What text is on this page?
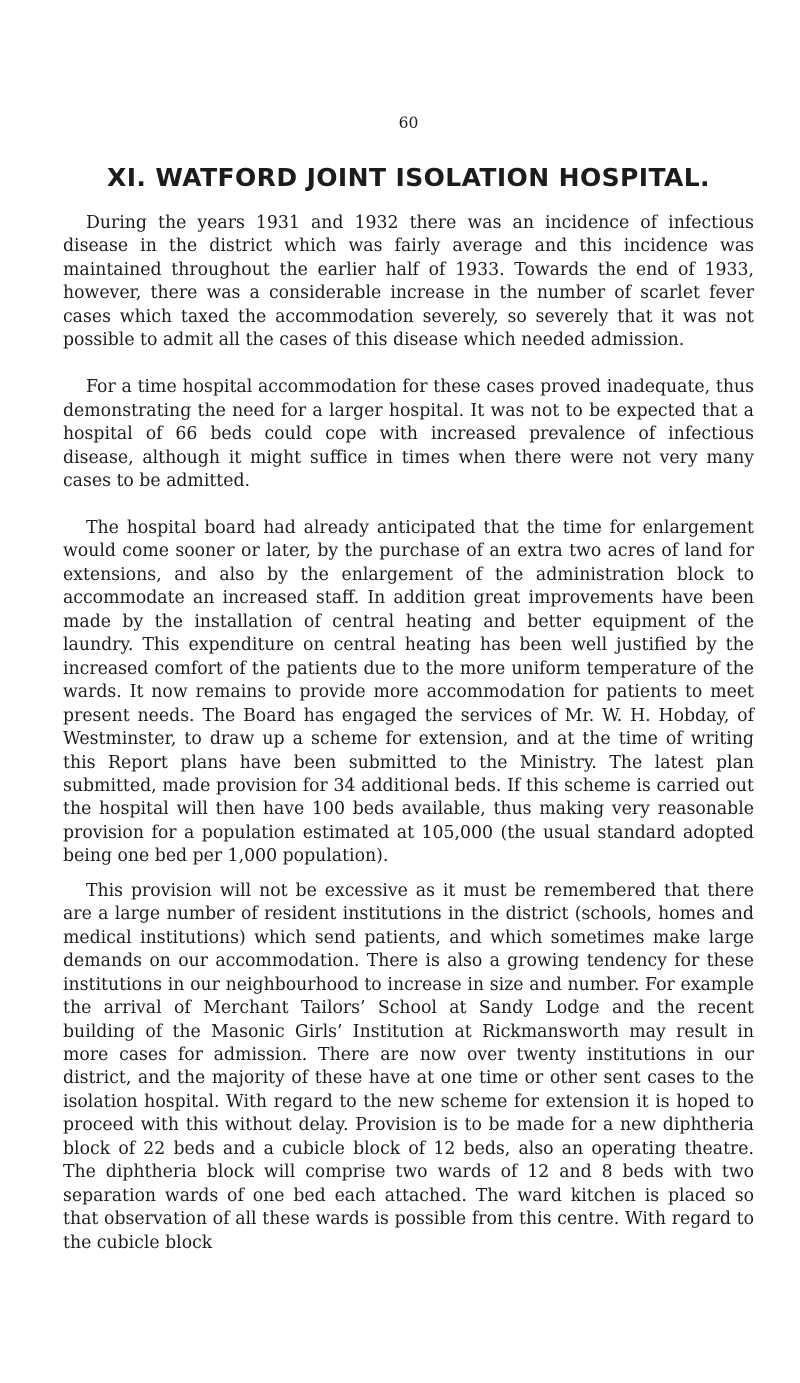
60
XI. WATFORD JOINT ISOLATION HOSPITAL.

During the years 1931 and 1932 there was an incidence of infectious disease in the district which was fairly average and this incidence was maintained throughout the earlier half of 1933. Towards the end of 1933, however, there was a considerable increase in the number of scarlet fever cases which taxed the accommodation severely, so severely that it was not possible to admit all the cases of this disease which needed admission.

For a time hospital accommodation for these cases proved inadequate, thus demonstrating the need for a larger hospital. It was not to be expected that a hospital of 66 beds could cope with increased prevalence of infectious disease, although it might suffice in times when there were not very many cases to be admitted.

The hospital board had already anticipated that the time for enlargement would come sooner or later, by the purchase of an extra two acres of land for extensions, and also by the enlargement of the administration block to accommodate an increased staff. In addition great improvements have been made by the installation of central heating and better equipment of the laundry. This expenditure on central heating has been well justified by the increased comfort of the patients due to the more uniform temperature of the wards. It now remains to provide more accommodation for patients to meet present needs. The Board has engaged the services of Mr. W. H. Hobday, of Westminster, to draw up a scheme for extension, and at the time of writing this Report plans have been submitted to the Ministry. The latest plan submitted, made provision for 34 additional beds. If this scheme is carried out the hospital will then have 100 beds available, thus making very reasonable provision for a population estimated at 105,000 (the usual standard adopted being one bed per 1,000 population).

This provision will not be excessive as it must be remembered that there are a large number of resident institutions in the district (schools, homes and medical institutions) which send patients, and which sometimes make large demands on our accommodation. There is also a growing tendency for these institutions in our neighbourhood to increase in size and number. For example the arrival of Merchant Tailors’ School at Sandy Lodge and the recent building of the Masonic Girls’ Institution at Rickmansworth may result in more cases for admission. There are now over twenty institutions in our district, and the majority of these have at one time or other sent cases to the isolation hospital. With regard to the new scheme for extension it is hoped to proceed with this without delay. Provision is to be made for a new diphtheria block of 22 beds and a cubicle block of 12 beds, also an operating theatre. The diphtheria block will comprise two wards of 12 and 8 beds with two separation wards of one bed each attached. The ward kitchen is placed so that observation of all these wards is possible from this centre. With regard to the cubicle block
